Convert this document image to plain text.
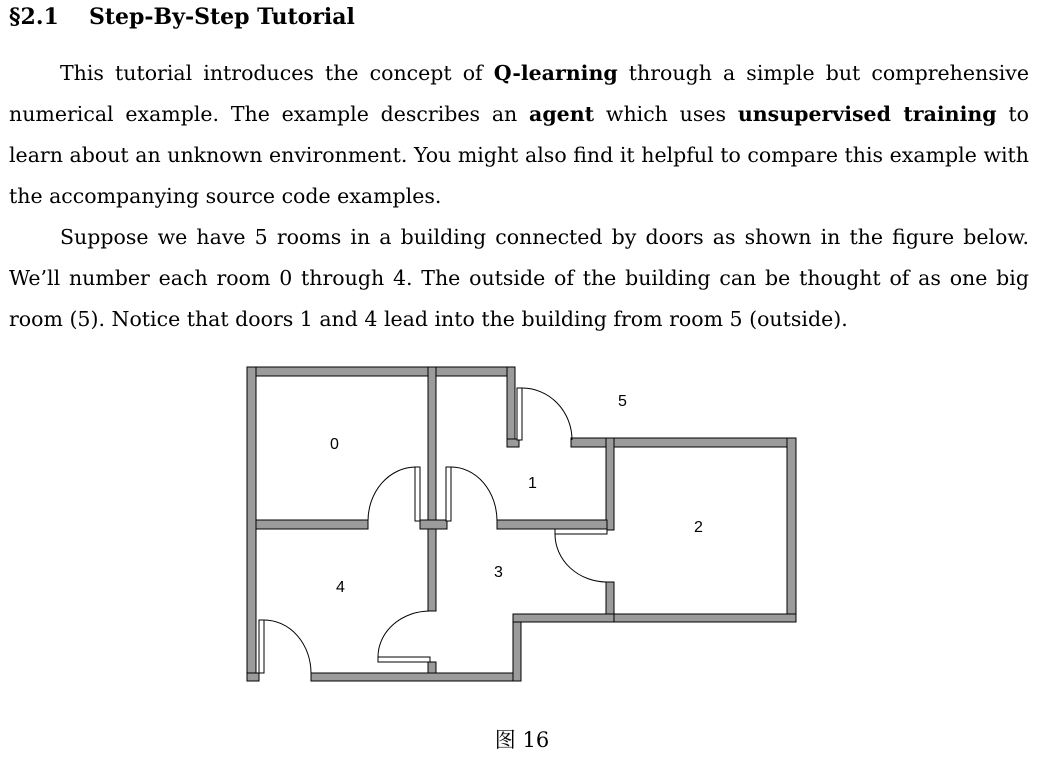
§2.1 Step-By-Step Tutorial

This tutorial introduces the concept of Q-learning through a simple but comprehensive numerical example. The example describes an agent which uses unsupervised training to learn about an unknown environment. You might also find it helpful to compare this example with the accompanying source code examples.

Suppose we have 5 rooms in a building connected by doors as shown in the figure below. We’ll number each room 0 through 4. The outside of the building can be thought of as one big room (5). Notice that doors 1 and 4 lead into the building from room 5 (outside).

0
1
2
3
4
5
图 16
